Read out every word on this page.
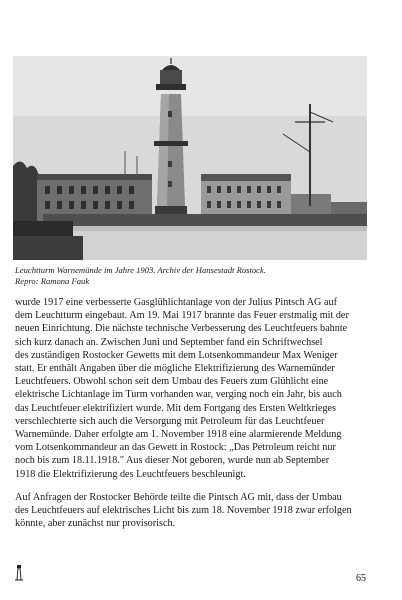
Leuchtturm Warnemünde im Jahre 1903. Archiv der Hansestadt Rostock.
Repro: Ramona Fauk

wurde 1917 eine verbesserte Gasglühlichtanlage von der Julius Pintsch AG auf
dem Leuchtturm eingebaut. Am 19. Mai 1917 brannte das Feuer erstmalig mit der
neuen Einrichtung. Die nächste technische Verbesserung des Leuchtfeuers bahnte
sich kurz danach an. Zwischen Juni und September fand ein Schriftwechsel
des zuständigen Rostocker Gewetts mit dem Lotsenkommandeur Max Weniger
statt. Er enthält Angaben über die mögliche Elektrifizierung des Warnemünder
Leuchtfeuers. Obwohl schon seit dem Umbau des Feuers zum Glühlicht eine
elektrische Lichtanlage im Turm vorhanden war, verging noch ein Jahr, bis auch
das Leuchtfeuer elektrifiziert wurde. Mit dem Fortgang des Ersten Weltkrieges
verschlechterte sich auch die Versorgung mit Petroleum für das Leuchtfeuer
Warnemünde. Daher erfolgte am 1. November 1918 eine alarmierende Meldung
vom Lotsenkommandeur an das Gewett in Rostock: „Das Petroleum reicht nur
noch bis zum 18.11.1918." Aus dieser Not geboren, wurde nun ab September
1918 die Elektrifizierung des Leuchtfeuers beschleunigt.

Auf Anfragen der Rostocker Behörde teilte die Pintsch AG mit, dass der Umbau
des Leuchtfeuers auf elektrisches Licht bis zum 18. November 1918 zwar erfolgen
könnte, aber zunächst nur provisorisch.

65
